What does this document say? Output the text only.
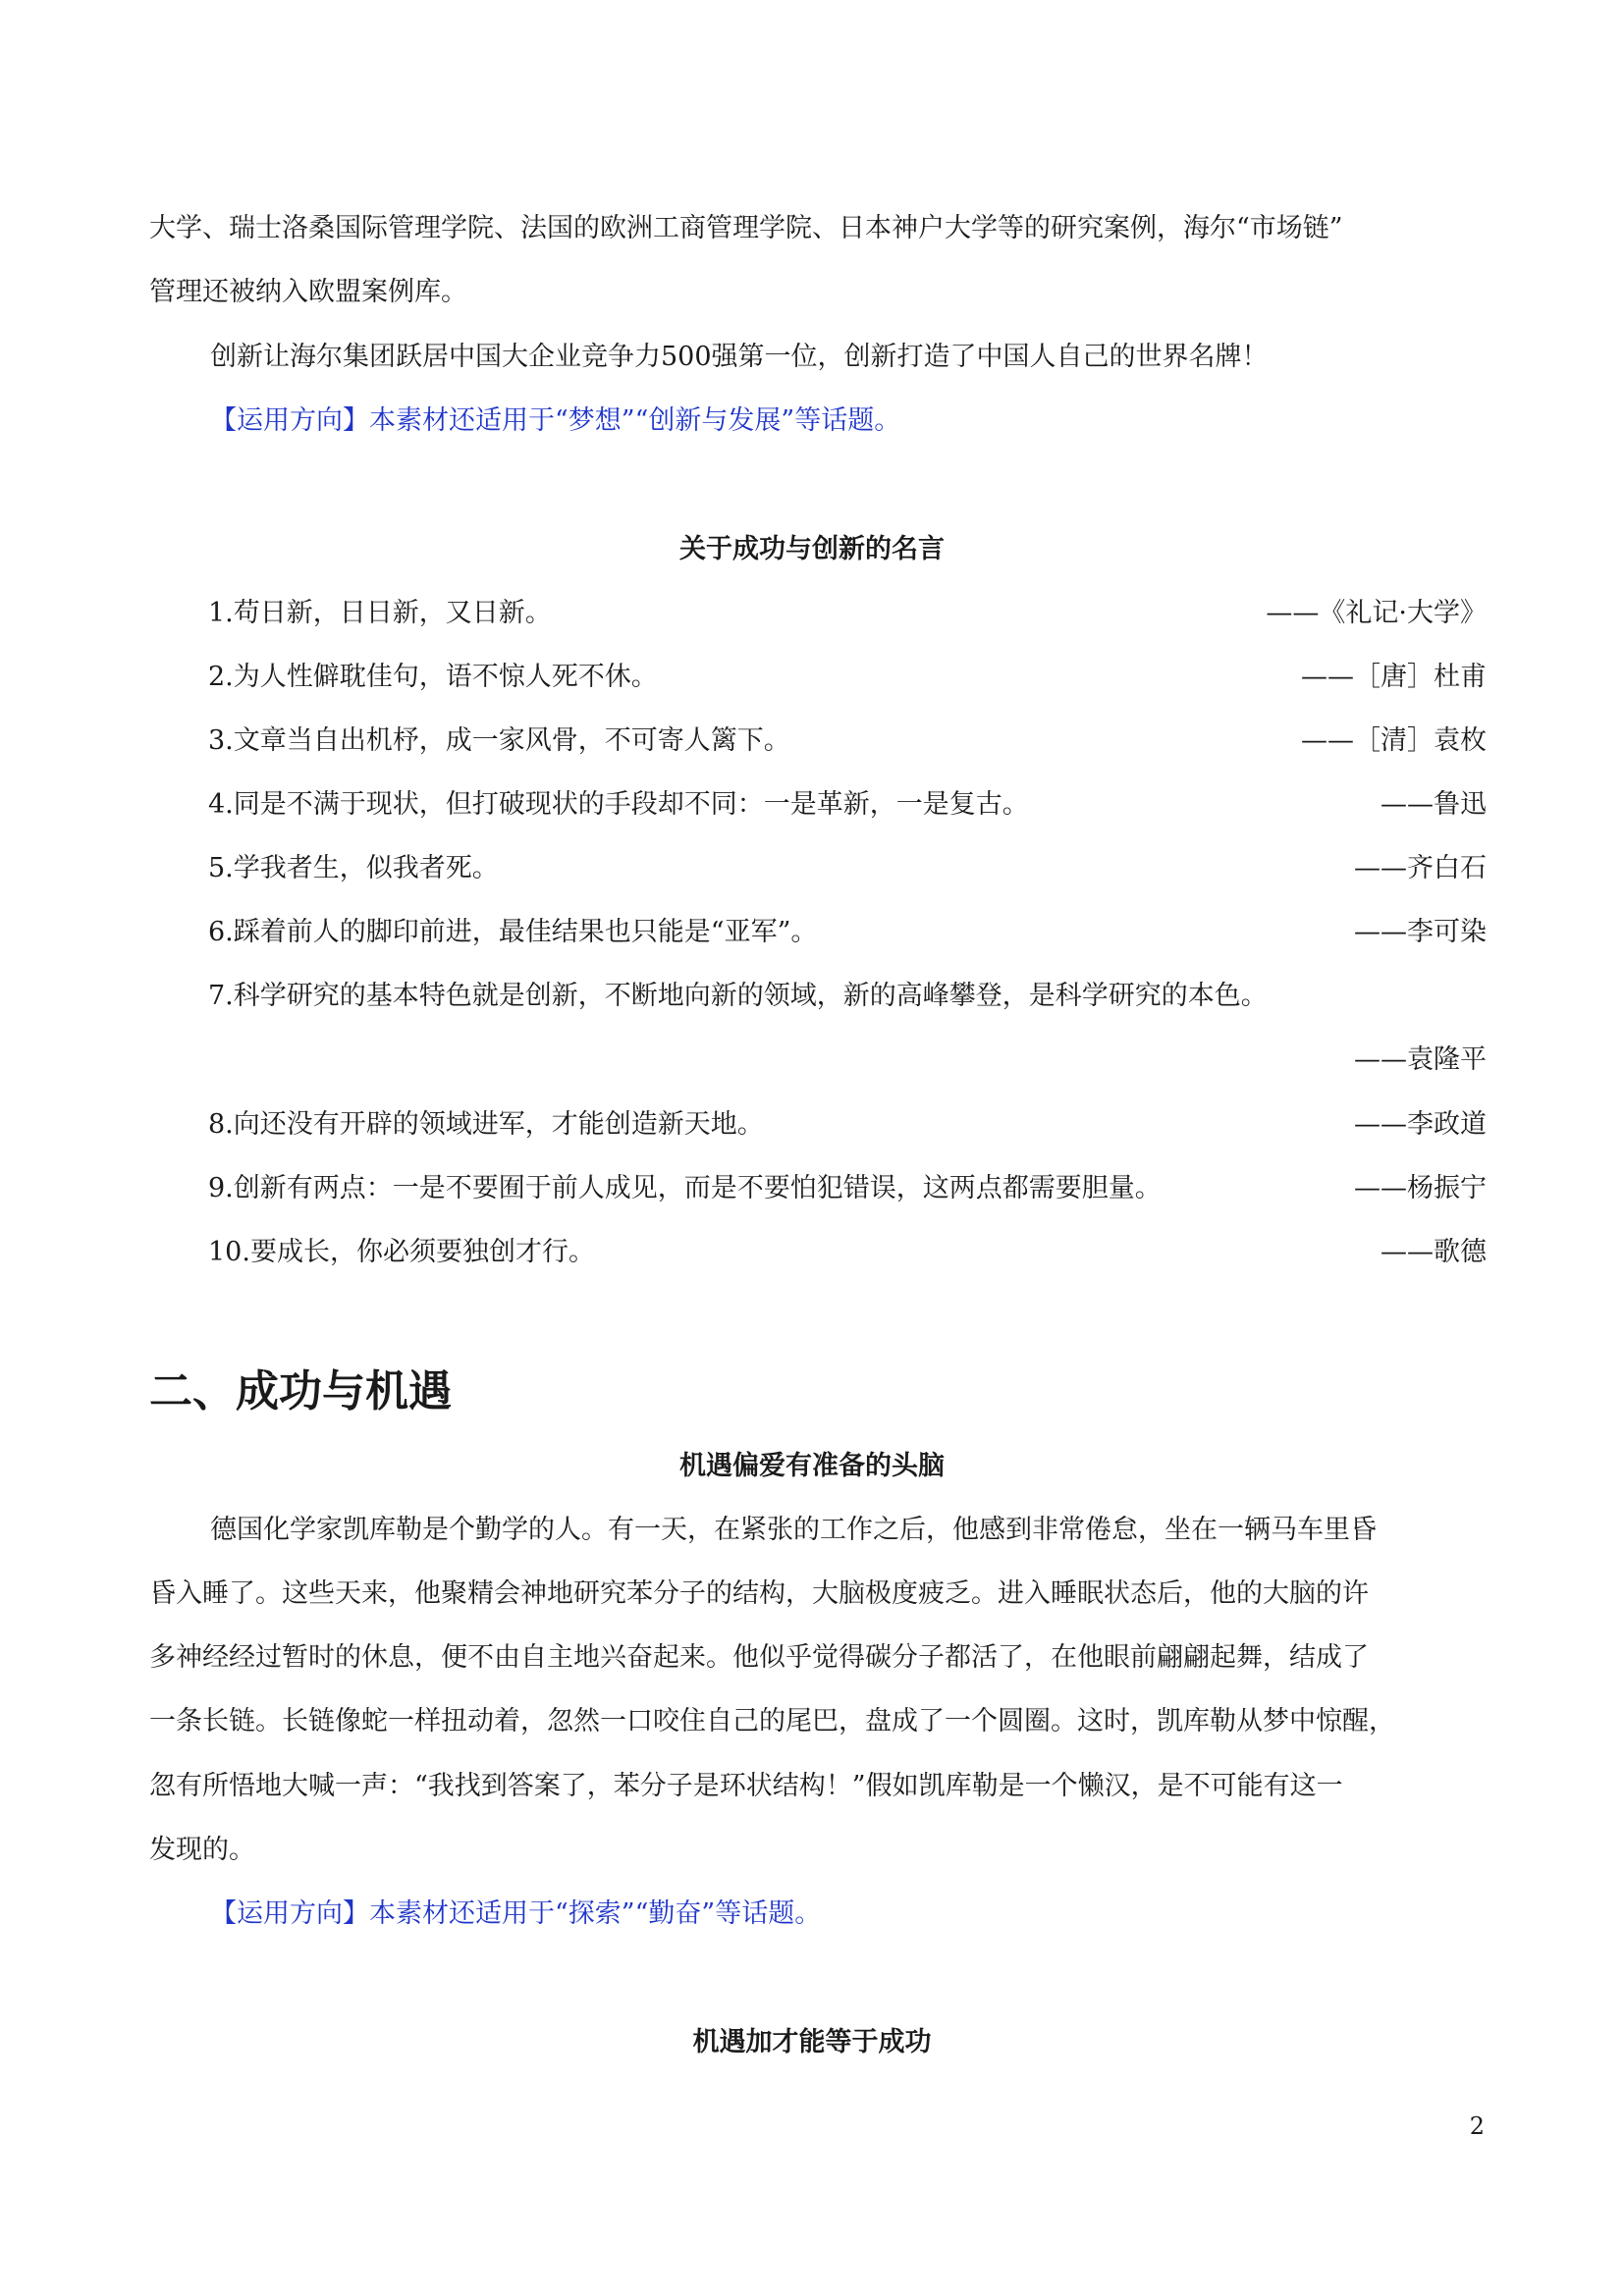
大学、瑞士洛桑国际管理学院、法国的欧洲工商管理学院、日本神户大学等的研究案例，海尔“市场链”
管理还被纳入欧盟案例库。
创新让海尔集团跃居中国大企业竞争力500强第一位，创新打造了中国人自己的世界名牌！
【运用方向】本素材还适用于“梦想”“创新与发展”等话题。
关于成功与创新的名言
1.苟日新，日日新，又日新。	——《礼记·大学》
2.为人性僻耽佳句，语不惊人死不休。	——［唐］杜甫
3.文章当自出机杼，成一家风骨，不可寄人篱下。	——［清］袁枚
4.同是不满于现状，但打破现状的手段却不同：一是革新，一是复古。	——鲁迅
5.学我者生，似我者死。	——齐白石
6.踩着前人的脚印前进，最佳结果也只能是“亚军”。	——李可染
7.科学研究的基本特色就是创新，不断地向新的领域，新的高峰攀登，是科学研究的本色。
——袁隆平
8.向还没有开辟的领域进军，才能创造新天地。	——李政道
9.创新有两点：一是不要囿于前人成见，而是不要怕犯错误，这两点都需要胆量。	——杨振宁
10.要成长，你必须要独创才行。	——歌德
二、成功与机遇
机遇偏爱有准备的头脑
德国化学家凯库勒是个勤学的人。有一天，在紧张的工作之后，他感到非常倦怠，坐在一辆马车里昏
昏入睡了。这些天来，他聚精会神地研究苯分子的结构，大脑极度疲乏。进入睡眠状态后，他的大脑的许
多神经经过暂时的休息，便不由自主地兴奋起来。他似乎觉得碳分子都活了，在他眼前翩翩起舞，结成了
一条长链。长链像蛇一样扭动着，忽然一口咬住自己的尾巴，盘成了一个圆圈。这时，凯库勒从梦中惊醒，
忽有所悟地大喊一声：“我找到答案了，苯分子是环状结构！”假如凯库勒是一个懒汉，是不可能有这一
发现的。
【运用方向】本素材还适用于“探索”“勤奋”等话题。
机遇加才能等于成功
2
